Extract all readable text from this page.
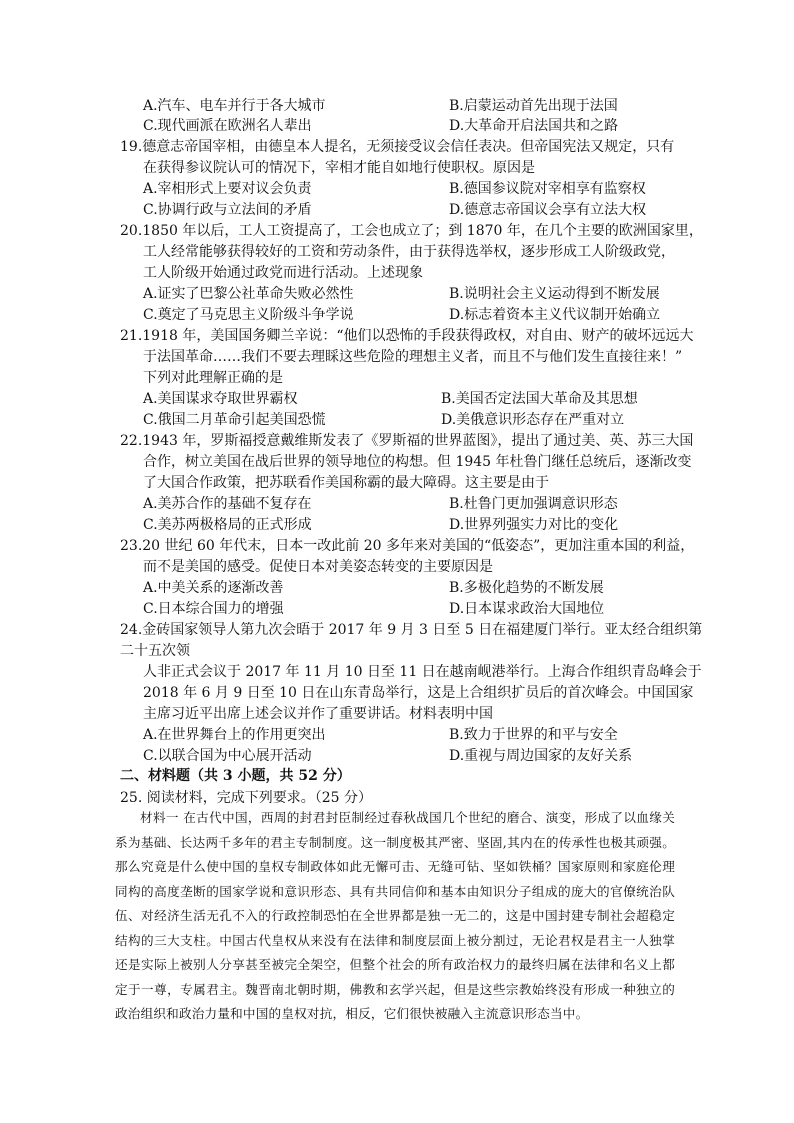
A.汽车、电车并行于各大城市	B.启蒙运动首先出现于法国
C.现代画派在欧洲名人辈出	D.大革命开启法国共和之路
19.德意志帝国宰相，由德皇本人提名，无须接受议会信任表决。但帝国宪法又规定，只有
在获得参议院认可的情况下，宰相才能自如地行使职权。原因是
A.宰相形式上要对议会负责	B.德国参议院对宰相享有监察权
C.协调行政与立法间的矛盾	D.德意志帝国议会享有立法大权
20.1850 年以后，工人工资提高了，工会也成立了；到 1870 年，在几个主要的欧洲国家里，
工人经常能够获得较好的工资和劳动条件，由于获得选举权，逐步形成工人阶级政党，
工人阶级开始通过政党而进行活动。上述现象
A.证实了巴黎公社革命失败必然性	B.说明社会主义运动得到不断发展
C.奠定了马克思主义阶级斗争学说	D.标志着资本主义代议制开始确立
21.1918 年，美国国务卿兰辛说：“他们以恐怖的手段获得政权，对自由、财产的破坏远远大
于法国革命……我们不要去理睬这些危险的理想主义者，而且不与他们发生直接往来！”
下列对此理解正确的是
A.美国谋求夺取世界霸权	B.美国否定法国大革命及其思想
C.俄国二月革命引起美国恐慌	D.美俄意识形态存在严重对立
22.1943 年，罗斯福授意戴维斯发表了《罗斯福的世界蓝图》，提出了通过美、英、苏三大国
合作，树立美国在战后世界的领导地位的构想。但 1945 年杜鲁门继任总统后，逐渐改变
了大国合作政策，把苏联看作美国称霸的最大障碍。这主要是由于
A.美苏合作的基础不复存在	B.杜鲁门更加强调意识形态
C.美苏两极格局的正式形成	D.世界列强实力对比的变化
23.20 世纪 60 年代末，日本一改此前 20 多年来对美国的“低姿态”，更加注重本国的利益，
而不是美国的感受。促使日本对美姿态转变的主要原因是
A.中美关系的逐渐改善	B.多极化趋势的不断发展
C.日本综合国力的增强	D.日本谋求政治大国地位
24.金砖国家领导人第九次会晤于 2017 年 9 月 3 日至 5 日在福建厦门举行。亚太经合组织第
二十五次领
人非正式会议于 2017 年 11 月 10 日至 11 日在越南岘港举行。上海合作组织青岛峰会于
2018 年 6 月 9 日至 10 日在山东青岛举行，这是上合组织扩员后的首次峰会。中国国家
主席习近平出席上述会议并作了重要讲话。材料表明中国
A.在世界舞台上的作用更突出	B.致力于世界的和平与安全
C.以联合国为中心展开活动	D.重视与周边国家的友好关系
二、材料题（共 3 小题，共 52 分）
25. 阅读材料，完成下列要求。（25 分）
材料一 在古代中国，西周的封君封臣制经过春秋战国几个世纪的磨合、演变，形成了以血缘关系为基础、长达两千多年的君主专制制度。这一制度极其严密、坚固,其内在的传承性也极其顽强。那么究竟是什么使中国的皇权专制政体如此无懈可击、无缝可钻、坚如铁桶？国家原则和家庭伦理同构的高度垄断的国家学说和意识形态、具有共同信仰和基本由知识分子组成的庞大的官僚统治队伍、对经济生活无孔不入的行政控制恐怕在全世界都是独一无二的，这是中国封建专制社会超稳定结构的三大支柱。中国古代皇权从来没有在法律和制度层面上被分割过，无论君权是君主一人独掌还是实际上被别人分享甚至被完全架空，但整个社会的所有政治权力的最终归属在法律和名义上都定于一尊，专属君主。魏晋南北朝时期，佛教和玄学兴起，但是这些宗教始终没有形成一种独立的政治组织和政治力量和中国的皇权对抗，相反，它们很快被融入主流意识形态当中。
